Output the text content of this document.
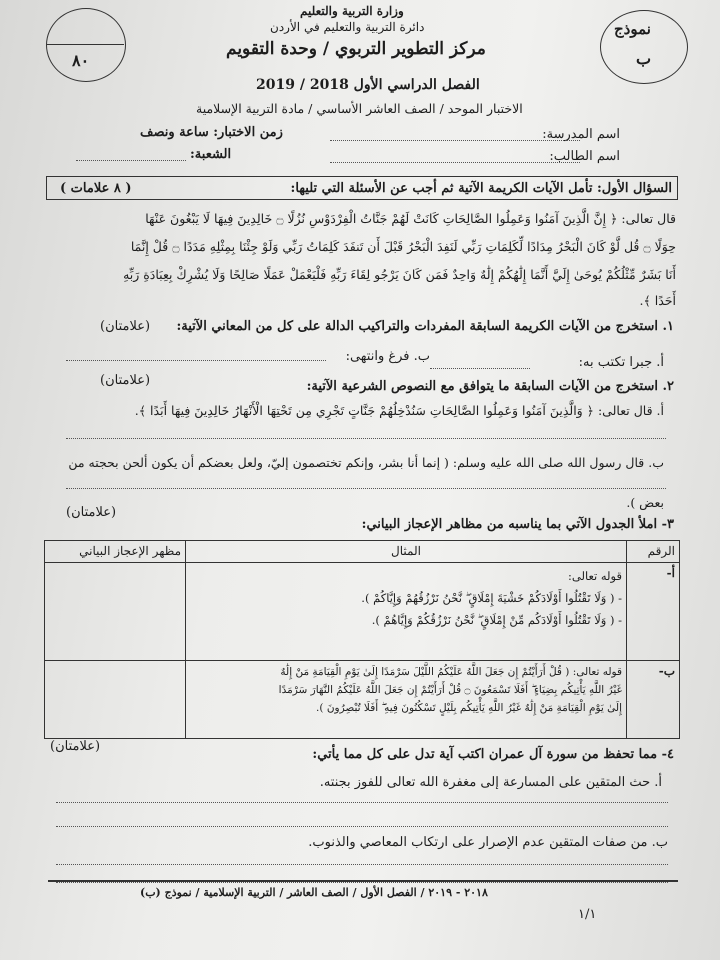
٨٠
نموذج
ب
وزارة التربية والتعليم
دائرة التربية والتعليم في الأردن
مركز التطوير التربوي / وحدة التقويم
الفصل الدراسي الأول 2018 / 2019
الاختبار الموحد / الصف العاشر الأساسي / مادة التربية الإسلامية
اسم المدرسة:
اسم الطالب:
زمن الاختبار: ساعة ونصف
الشعبة:
السؤال الأول: تأمل الآيات الكريمة الآتية ثم أجب عن الأسئلة التي تليها:
( ٨ علامات )
قال تعالى: ﴿ إِنَّ الَّذِينَ آمَنُوا وَعَمِلُوا الصَّالِحَاتِ كَانَتْ لَهُمْ جَنَّاتُ الْفِرْدَوْسِ نُزُلًا ۝ خَالِدِينَ فِيهَا لَا يَبْغُونَ عَنْهَا
حِوَلًا ۝ قُل لَّوْ كَانَ الْبَحْرُ مِدَادًا لِّكَلِمَاتِ رَبِّي لَنَفِدَ الْبَحْرُ قَبْلَ أَن تَنفَدَ كَلِمَاتُ رَبِّي وَلَوْ جِئْنَا بِمِثْلِهِ مَدَدًا ۝ قُلْ إِنَّمَا
أَنَا بَشَرٌ مِّثْلُكُمْ يُوحَىٰ إِلَيَّ أَنَّمَا إِلَٰهُكُمْ إِلَٰهٌ وَاحِدٌ فَمَن كَانَ يَرْجُو لِقَاءَ رَبِّهِ فَلْيَعْمَلْ عَمَلًا صَالِحًا وَلَا يُشْرِكْ بِعِبَادَةِ رَبِّهِ
أَحَدًا ﴾.
١. استخرج من الآيات الكريمة السابقة المفردات والتراكيب الدالة على كل من المعاني الآتية:
(علامتان)
أ. جبرا تكتب به:
ب. فرغ وانتهى:
(علامتان)	٢. استخرج من الآيات السابقة ما يتوافق مع النصوص الشرعية الآتية:
أ. قال تعالى: ﴿ وَالَّذِينَ آمَنُوا وَعَمِلُوا الصَّالِحَاتِ سَنُدْخِلُهُمْ جَنَّاتٍ تَجْرِي مِن تَحْتِهَا الْأَنْهَارُ خَالِدِينَ فِيهَا أَبَدًا ﴾.
ب. قال رسول الله صلى الله عليه وسلم: ( إنما أنا بشر، وإنكم تختصمون إليّ، ولعل بعضكم أن يكون ألحن بحجته من
بعض ).
(علامتان)
٣- املأ الجدول الآتي بما يناسبه من مظاهر الإعجاز البياني:
الرقم	المثال	مظهر الإعجاز البياني
أ-	قوله تعالى:
- ( وَلَا تَقْتُلُوا أَوْلَادَكُمْ خَشْيَةَ إِمْلَاقٍ ۖ نَّحْنُ نَرْزُقُهُمْ وَإِيَّاكُمْ ).
- ( وَلَا تَقْتُلُوا أَوْلَادَكُم مِّنْ إِمْلَاقٍ ۖ نَّحْنُ نَرْزُقُكُمْ وَإِيَّاهُمْ ).	

ب-	قوله تعالى: ( قُلْ أَرَأَيْتُمْ إِن جَعَلَ اللَّهُ عَلَيْكُمُ اللَّيْلَ سَرْمَدًا إِلَىٰ يَوْمِ الْقِيَامَةِ مَنْ إِلَٰهٌ
غَيْرُ اللَّهِ يَأْتِيكُم بِضِيَاءٍ ۖ أَفَلَا تَسْمَعُونَ ۝ قُلْ أَرَأَيْتُمْ إِن جَعَلَ اللَّهُ عَلَيْكُمُ النَّهَارَ سَرْمَدًا
إِلَىٰ يَوْمِ الْقِيَامَةِ مَنْ إِلَٰهٌ غَيْرُ اللَّهِ يَأْتِيكُم بِلَيْلٍ تَسْكُنُونَ فِيهِ ۖ أَفَلَا تُبْصِرُونَ ).	

(علامتان)
٤- مما تحفظ من سورة آل عمران اكتب آية تدل على كل مما يأتي:
أ. حث المتقين على المسارعة إلى مغفرة الله تعالى للفوز بجنته.
ب. من صفات المتقين عدم الإصرار على ارتكاب المعاصي والذنوب.
٢٠١٨ - ٢٠١٩ / الفصل الأول / الصف العاشر / التربية الإسلامية / نموذج (ب)
١/١
